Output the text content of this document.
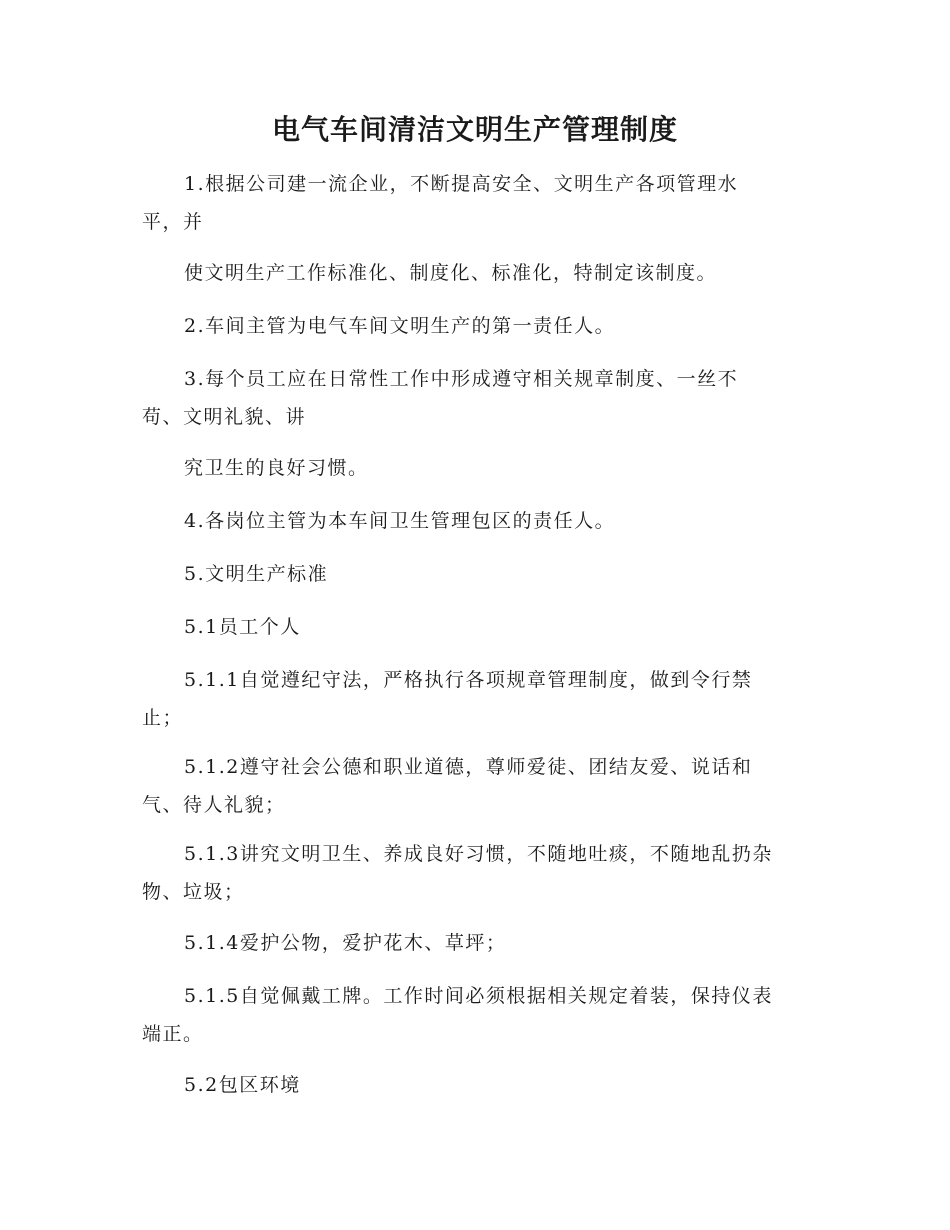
电气车间清洁文明生产管理制度
1.根据公司建一流企业，不断提高安全、文明生产各项管理水
平，并
使文明生产工作标准化、制度化、标准化，特制定该制度。
2.车间主管为电气车间文明生产的第一责任人。
3.每个员工应在日常性工作中形成遵守相关规章制度、一丝不
苟、文明礼貌、讲
究卫生的良好习惯。
4.各岗位主管为本车间卫生管理包区的责任人。
5.文明生产标准
5.1员工个人
5.1.1自觉遵纪守法，严格执行各项规章管理制度，做到令行禁
止；
5.1.2遵守社会公德和职业道德，尊师爱徒、团结友爱、说话和
气、待人礼貌；
5.1.3讲究文明卫生、养成良好习惯，不随地吐痰，不随地乱扔杂
物、垃圾；
5.1.4爱护公物，爱护花木、草坪；
5.1.5自觉佩戴工牌。工作时间必须根据相关规定着装，保持仪表
端正。
5.2包区环境
